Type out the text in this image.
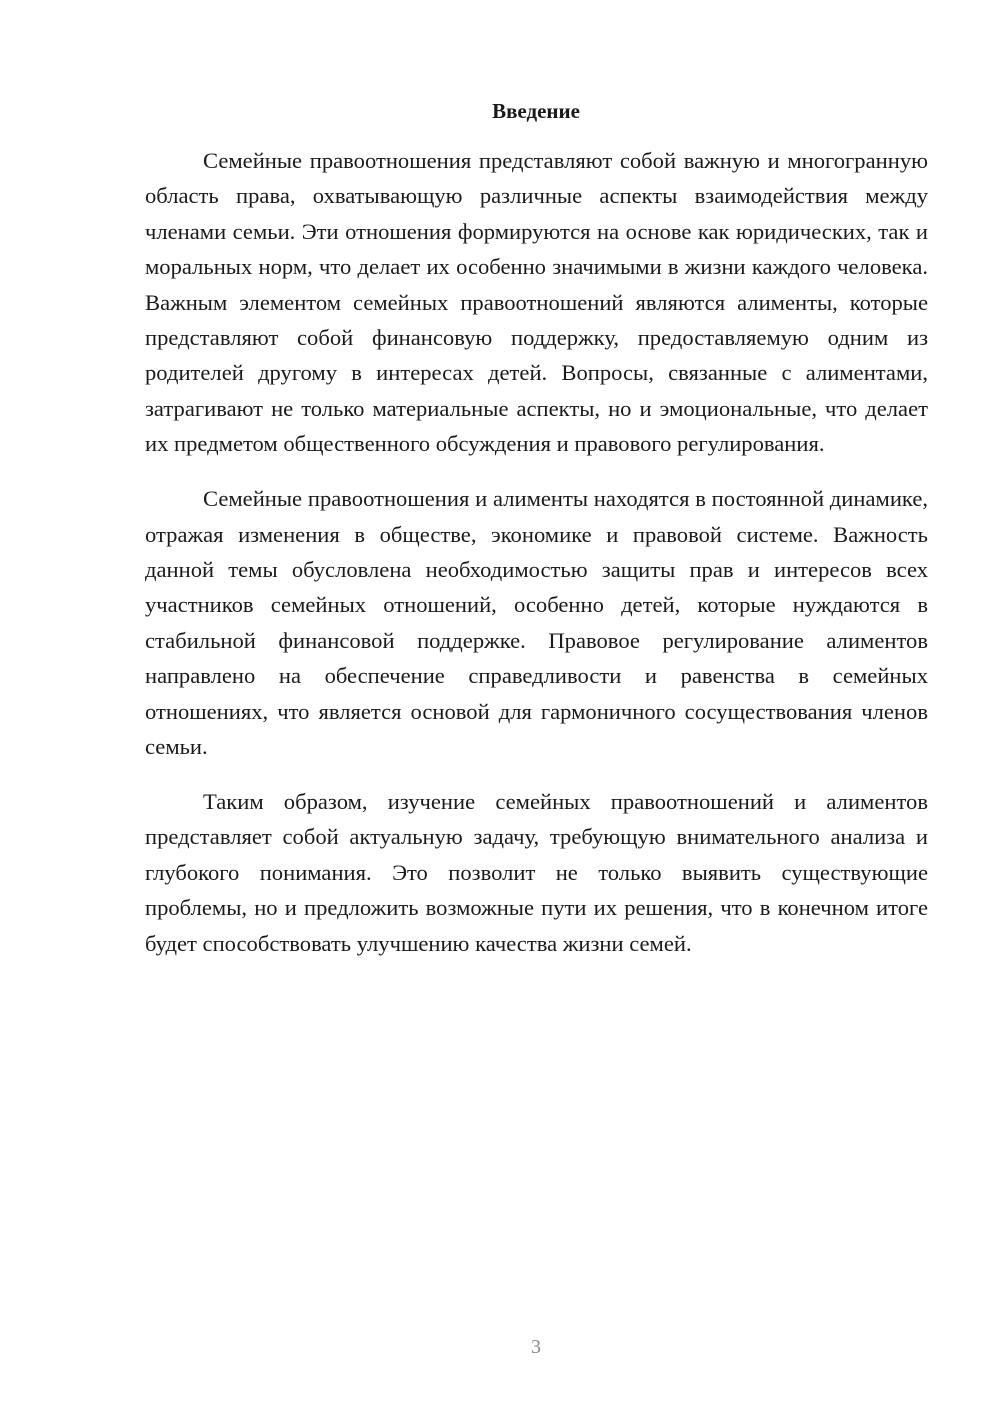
Введение

Семейные правоотношения представляют собой важную и многогранную область права, охватывающую различные аспекты взаимодействия между членами семьи. Эти отношения формируются на основе как юридических, так и моральных норм, что делает их особенно значимыми в жизни каждого человека. Важным элементом семейных правоотношений являются алименты, которые представляют собой финансовую поддержку, предоставляемую одним из родителей другому в интересах детей. Вопросы, связанные с алиментами, затрагивают не только материальные аспекты, но и эмоциональные, что делает их предметом общественного обсуждения и правового регулирования.

Семейные правоотношения и алименты находятся в постоянной динамике, отражая изменения в обществе, экономике и правовой системе. Важность данной темы обусловлена необходимостью защиты прав и интересов всех участников семейных отношений, особенно детей, которые нуждаются в стабильной финансовой поддержке. Правовое регулирование алиментов направлено на обеспечение справедливости и равенства в семейных отношениях, что является основой для гармоничного сосуществования членов семьи.

Таким образом, изучение семейных правоотношений и алиментов представляет собой актуальную задачу, требующую внимательного анализа и глубокого понимания. Это позволит не только выявить существующие проблемы, но и предложить возможные пути их решения, что в конечном итоге будет способствовать улучшению качества жизни семей.

3
